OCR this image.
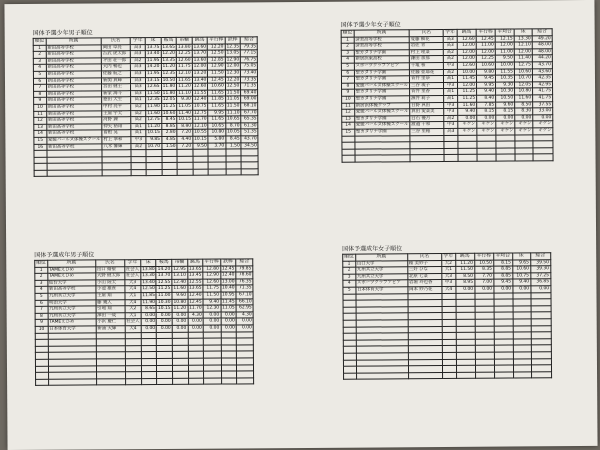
国体予選少年男子順位
順位	所属	氏名	学年	床	鞍馬	吊輪	跳馬	平行棒	鉄棒	総合
1	新田高等学校	岡田 卓亮	高3	13.75	13.65	13.80	13.60	12.20	12.35	79.35
2	新田高等学校	吉武 虎太郎	高3	13.40	12.20	12.25	13.70	12.50	13.05	77.15
3	新田高等学校	平田 荘一郎	高2	11.95	13.35	12.60	13.60	12.85	12.90	76.75
4	新田高等学校	大内 暢也	高3	14.20	11.20	11.75	12.00	12.90	12.00	75.05
5	新田高等学校	佐藤 航之	高3	11.95	12.35	12.10	13.20	11.50	12.30	73.40
6	新田高等学校	新関 真輝	高3	13.15	10.50	11.65	13.40	12.45	12.20	73.35
7	新田高等学校	宮田 健士	高3	12.65	11.80	11.20	12.60	10.60	12.50	71.35
8	新田高等学校	新家 海斗	高3	11.50	11.80	11.10	11.55	11.65	11.50	69.40
9	新田高等学校	徳田 大生	高1	12.35	12.05	9.30	12.40	11.85	11.05	69.00
10	新田高等学校	中村 亮平	高2	11.90	11.25	11.05	10.75	11.65	11.50	68.10
11	新田高等学校	土屋 宇太	高2	11.60	10.60	11.40	12.75	9.95	11.10	67.70
12	新田高等学校	河野 錬	高2	12.75	8.45	10.15	11.70	11.65	10.65	65.35
13	新田高等学校	仲矢 裕翔	高1	11.20	8.85	8.80	12.10	10.65	8.70	61.30
14	新田高等学校	曽根 晃	高1	10.15	2.80	7.20	10.55	10.80	10.05	51.35
15	愛媛パールズ体操スクール	村上 寧和	中3	9.85	4.85	4.40	10.15	5.80	8.45	43.70
16	新田高等学校	八木 響輝	高2	10.70	1.50	7.20	9.50	3.70	1.50	34.50

国体予選少年女子順位
順位	所属	氏名	学年	跳馬	平行棒	平均台	床	総合
1	済美高等学校	夏藤 柚花	高3	12.60	12.45	12.15	13.30	49.20
2	済美高等学校	岩佐 青	高3	12.00	11.00	12.00	12.10	48.00
3	聖カタリナ学園	村上 理菜	高2	12.00	12.00	11.00	12.00	48.00
4	新居浜東高校	鎌田 加那	高2	12.00	12.25	9.50	11.40	44.20
5	スポーツクラブアピア	十亀 桜	中3	12.60	10.60	10.00	12.75	43.70
6	聖カタリナ学園	佐藤 亜耶花	高2	10.00	9.80	11.55	10.60	43.60
7	聖カタリナ学園	青井 里奈	高1	11.45	9.45	10.35	10.70	42.35
8	愛媛パールズ体操スクール	三谷 琉子	中3	12.00	9.95	9.30	12.05	42.95
9	聖カタリナ学園	青井 里香	高1	11.25	9.40	10.30	10.80	41.75
10	聖カタリナ学園	源井 莉子	高1	11.25	8.40	10.50	11.60	41.75
11	新居浜体操クラブ	日野 真由	中3	11.60	7.85	9.60	8.50	37.55
12	愛媛パールズ体操スクール	真田 愛菜美	中3	9.40	8.15	8.15	8.30	33.00
13	聖カタリナ学園	白石 優月	高2	0.00	0.00	0.00	0.00	0.00
14	愛媛パールズ体操スクール	渡邉 十和	中3	キケン	キケン	キケン	キケン	キケン
15	聖カタリナ学園	三谷 里穂	高3	キケン	キケン	キケン	キケン	キケン

国体予選成年男子順位
順位	所属	氏名	学年	床	鞍馬	吊輪	跳馬	平行棒	鉄棒	総合
1	TAMEえひめ	出口 脩聖	社会人	13.80	14.20	12.95	13.65	12.80	12.45	79.85
2	TAMEえひめ	大野 健太郎	社会人	13.30	13.70	13.10	13.45	12.90	12.40	78.60
3	仙台大学	小山 陸太	大3	13.40	12.55	12.40	12.55	12.60	13.00	76.35
4	新田高等学校	小池 雄貴	大4	12.50	11.25	11.60	13.65	11.75	10.40	71.35
5	九州共立大学	土屋 翔	大1	11.85	11.00	9.60	12.40	11.50	10.95	67.10
6	明治大学	藤 幾人	大4	11.90	10.30	10.80	12.45	9.40	11.45	66.10
7	九州共立大学	引地 翔	大2	8.65	10.15	11.20	11.70	12.30	11.05	62.95
8	九州共立大学	澤田 一成	大1	0.00	0.00	0.00	4.30	0.00	0.00	4.30
9	TAMEえひめ	小浜 慶仁	社会人	0.00	0.00	0.00	0.00	0.00	0.00	0.00
10	日本体育大学	新浦 大輝	大4	0.00	0.00	0.00	0.00	0.00	0.00	0.00

国体予選成年女子順位
順位	所属	氏名	学年	跳馬	平行棒	平均台	床	総合
1	山口大学	種 美紗子	大2	11.20	10.50	8.15	9.65	39.50
2	九州共立大学	三好 ひな	大1	11.50	8.35	8.85	10.60	39.30
3	九州共立大学	北原 七菜	大3	8.50	7.70	8.85	10.75	37.25
4	スポーツクラブアピア	岩堀 玲也香	中3	8.95	7.00	9.45	9.40	36.85
5	日本体育大学	岡本 紗乃花	大4	0.00	0.00	0.00	0.00	0.00
